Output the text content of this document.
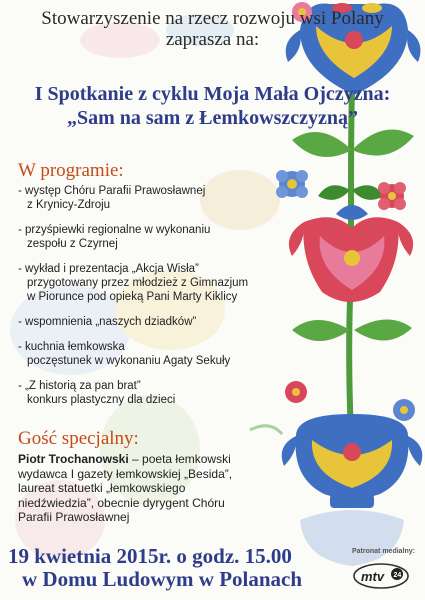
Stowarzyszenie na rzecz rozwoju wsi Polany
zaprasza na:
I Spotkanie z cyklu Moja Mała Ojczyzna:
„Sam na sam z Łemkowszczyzną”
W programie:
- występ Chóru Parafii Prawosławnej
z Krynicy-Zdroju
- przyśpiewki regionalne w wykonaniu
zespołu z Czyrnej
- wykład i prezentacja „Akcja Wisła”
przygotowany przez młodzież z Gimnazjum
w Piorunce pod opieką Pani Marty Kiklicy
- wspomnienia „naszych dziadków”
- kuchnia łemkowska
poczęstunek w wykonaniu Agaty Sekuły
- „Z historią za pan brat”
konkurs plastyczny dla dzieci
Gość specjalny:
Piotr Trochanowski – poeta łemkowski
wydawca I gazety łemkowskiej „Besida”,
laureat statuetki „łemkowskiego
niedźwiedzia”, obecnie dyrygent Chóru
Parafii Prawosławnej
19 kwietnia 2015r. o godz. 15.00
w Domu Ludowym w Polanach
Patronat medialny:
mtv 24
